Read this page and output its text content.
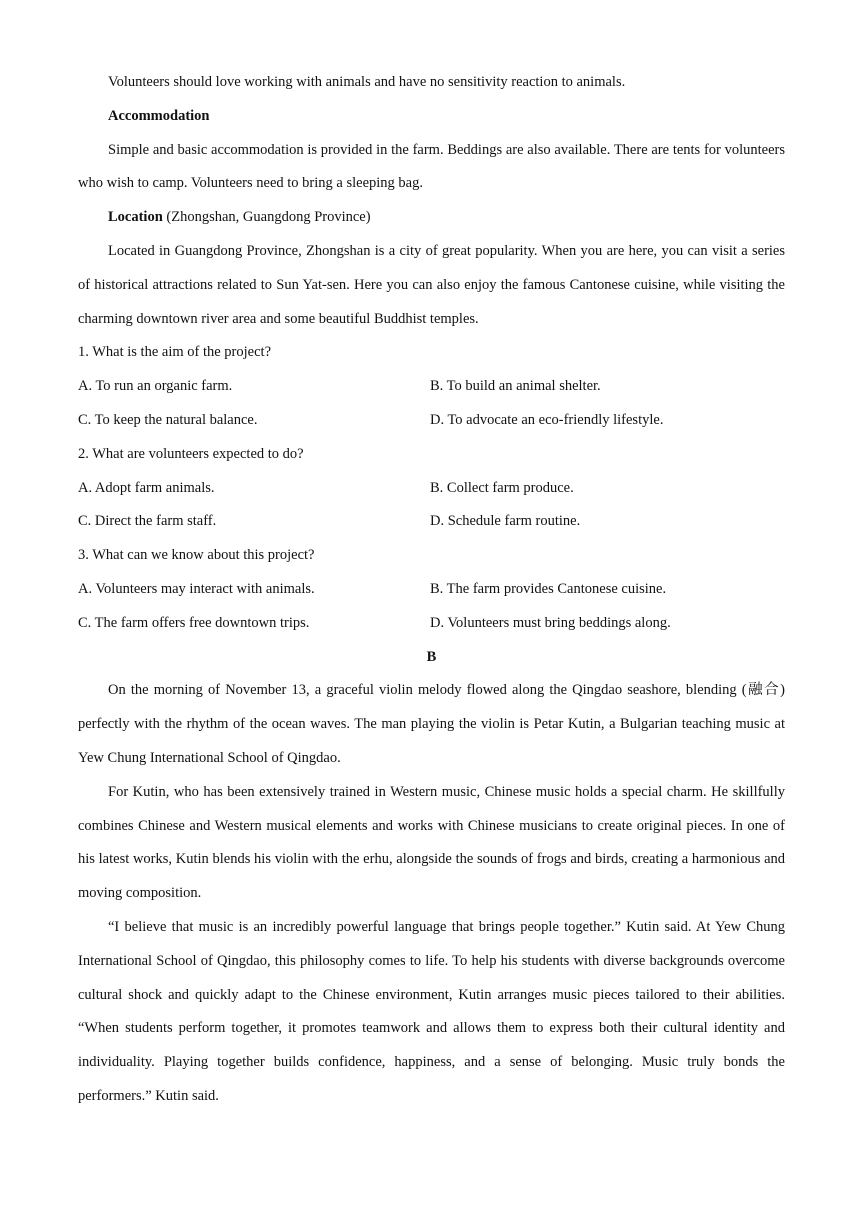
Volunteers should love working with animals and have no sensitivity reaction to animals.

Accommodation

Simple and basic accommodation is provided in the farm. Beddings are also available. There are tents for volunteers who wish to camp. Volunteers need to bring a sleeping bag.

Location (Zhongshan, Guangdong Province)

Located in Guangdong Province, Zhongshan is a city of great popularity. When you are here, you can visit a series of historical attractions related to Sun Yat-sen. Here you can also enjoy the famous Cantonese cuisine, while visiting the charming downtown river area and some beautiful Buddhist temples.

1. What is the aim of the project?

A. To run an organic farm.	B. To build an animal shelter.
C. To keep the natural balance.	D. To advocate an eco-friendly lifestyle.

2. What are volunteers expected to do?

A. Adopt farm animals.	B. Collect farm produce.
C. Direct the farm staff.	D. Schedule farm routine.

3. What can we know about this project?

A. Volunteers may interact with animals.	B. The farm provides Cantonese cuisine.
C. The farm offers free downtown trips.	D. Volunteers must bring beddings along.

B

On the morning of November 13, a graceful violin melody flowed along the Qingdao seashore, blending (融合) perfectly with the rhythm of the ocean waves. The man playing the violin is Petar Kutin, a Bulgarian teaching music at Yew Chung International School of Qingdao.

For Kutin, who has been extensively trained in Western music, Chinese music holds a special charm. He skillfully combines Chinese and Western musical elements and works with Chinese musicians to create original pieces. In one of his latest works, Kutin blends his violin with the erhu, alongside the sounds of frogs and birds, creating a harmonious and moving composition.

“I believe that music is an incredibly powerful language that brings people together.” Kutin said. At Yew Chung International School of Qingdao, this philosophy comes to life. To help his students with diverse backgrounds overcome cultural shock and quickly adapt to the Chinese environment, Kutin arranges music pieces tailored to their abilities. “When students perform together, it promotes teamwork and allows them to express both their cultural identity and individuality. Playing together builds confidence, happiness, and a sense of belonging. Music truly bonds the performers.” Kutin said.
